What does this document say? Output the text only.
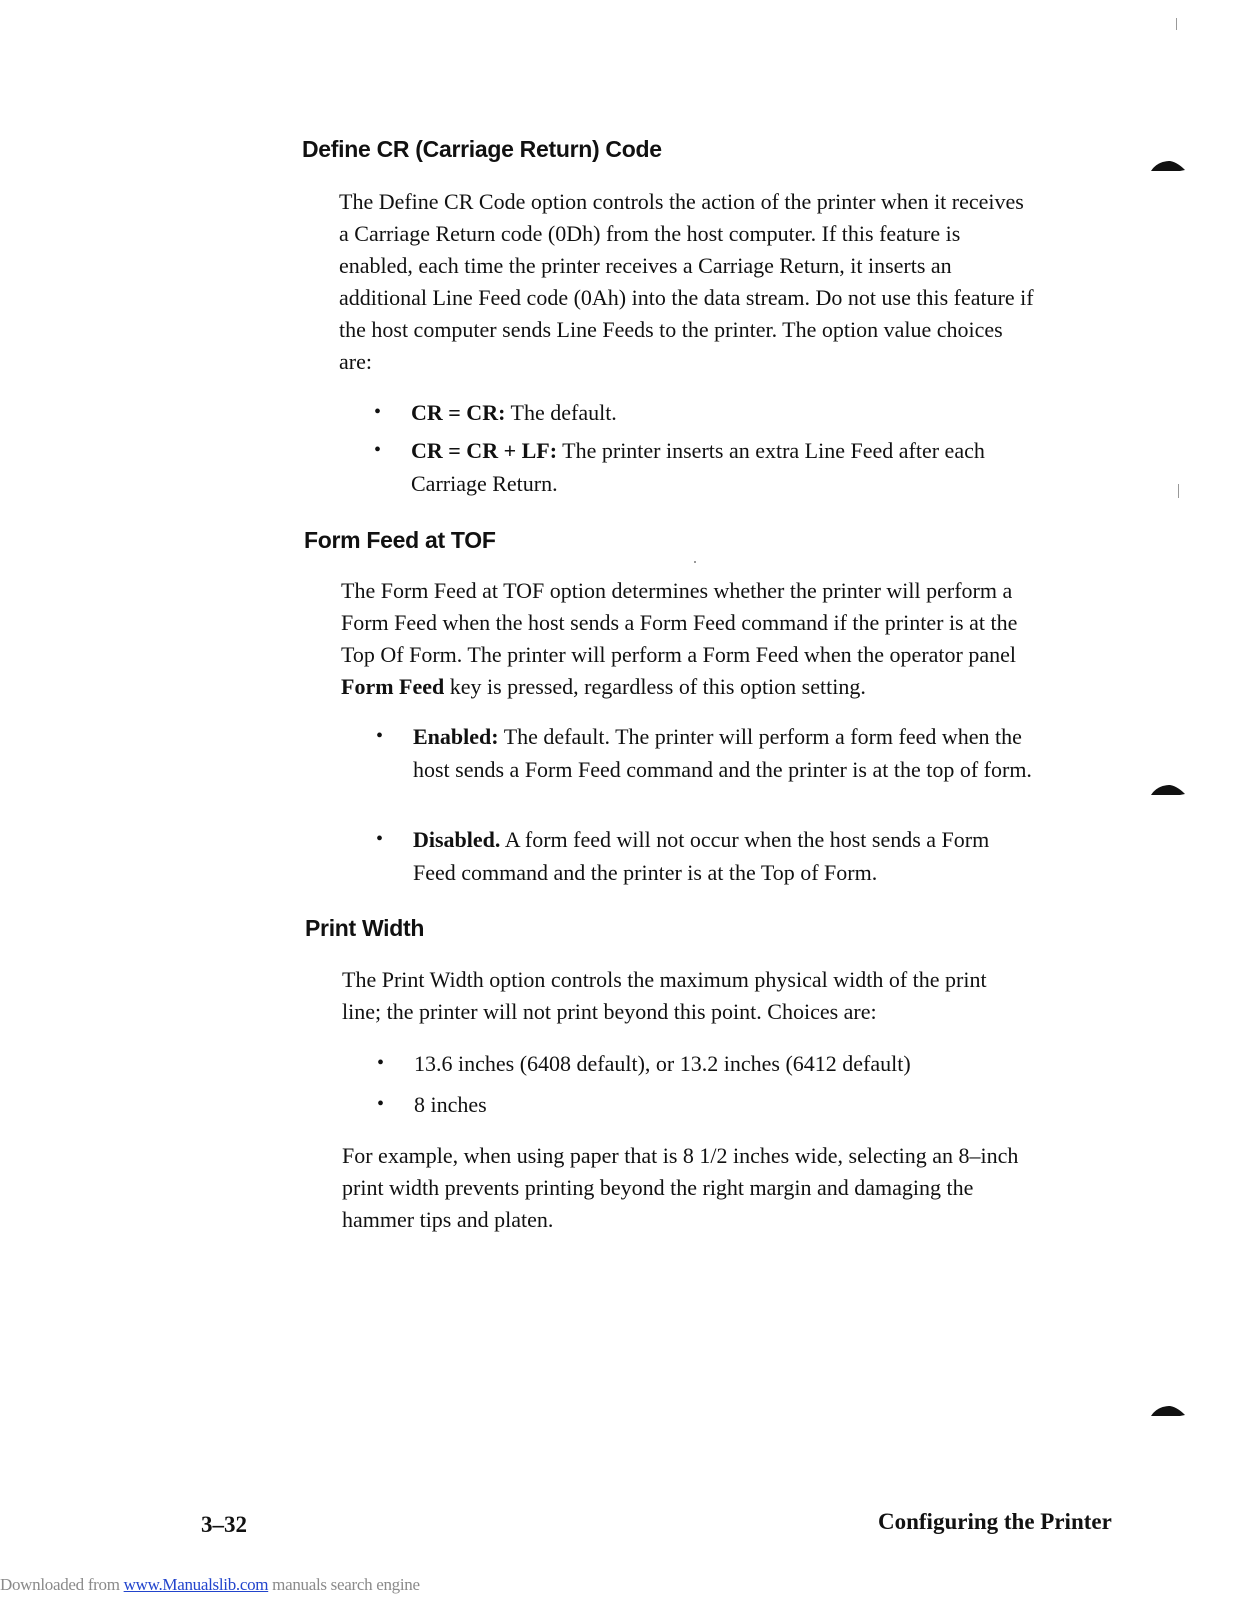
Define CR (Carriage Return) Code

The Define CR Code option controls the action of the printer when it receives a Carriage Return code (0Dh) from the host computer. If this feature is enabled, each time the printer receives a Carriage Return, it inserts an additional Line Feed code (0Ah) into the data stream. Do not use this feature if the host computer sends Line Feeds to the printer. The option value choices are:

• CR = CR: The default.
• CR = CR + LF: The printer inserts an extra Line Feed after each Carriage Return.
Form Feed at TOF

The Form Feed at TOF option determines whether the printer will perform a Form Feed when the host sends a Form Feed command if the printer is at the Top Of Form. The printer will perform a Form Feed when the operator panel Form Feed key is pressed, regardless of this option setting.

• Enabled: The default. The printer will perform a form feed when the host sends a Form Feed command and the printer is at the top of form.
• Disabled. A form feed will not occur when the host sends a Form Feed command and the printer is at the Top of Form.
Print Width

The Print Width option controls the maximum physical width of the print line; the printer will not print beyond this point. Choices are:

• 13.6 inches (6408 default), or 13.2 inches (6412 default)
• 8 inches

For example, when using paper that is 8 1/2 inches wide, selecting an 8–inch print width prevents printing beyond the right margin and damaging the hammer tips and platen.

3–32	Configuring the Printer

Downloaded from www.Manualslib.com manuals search engine
